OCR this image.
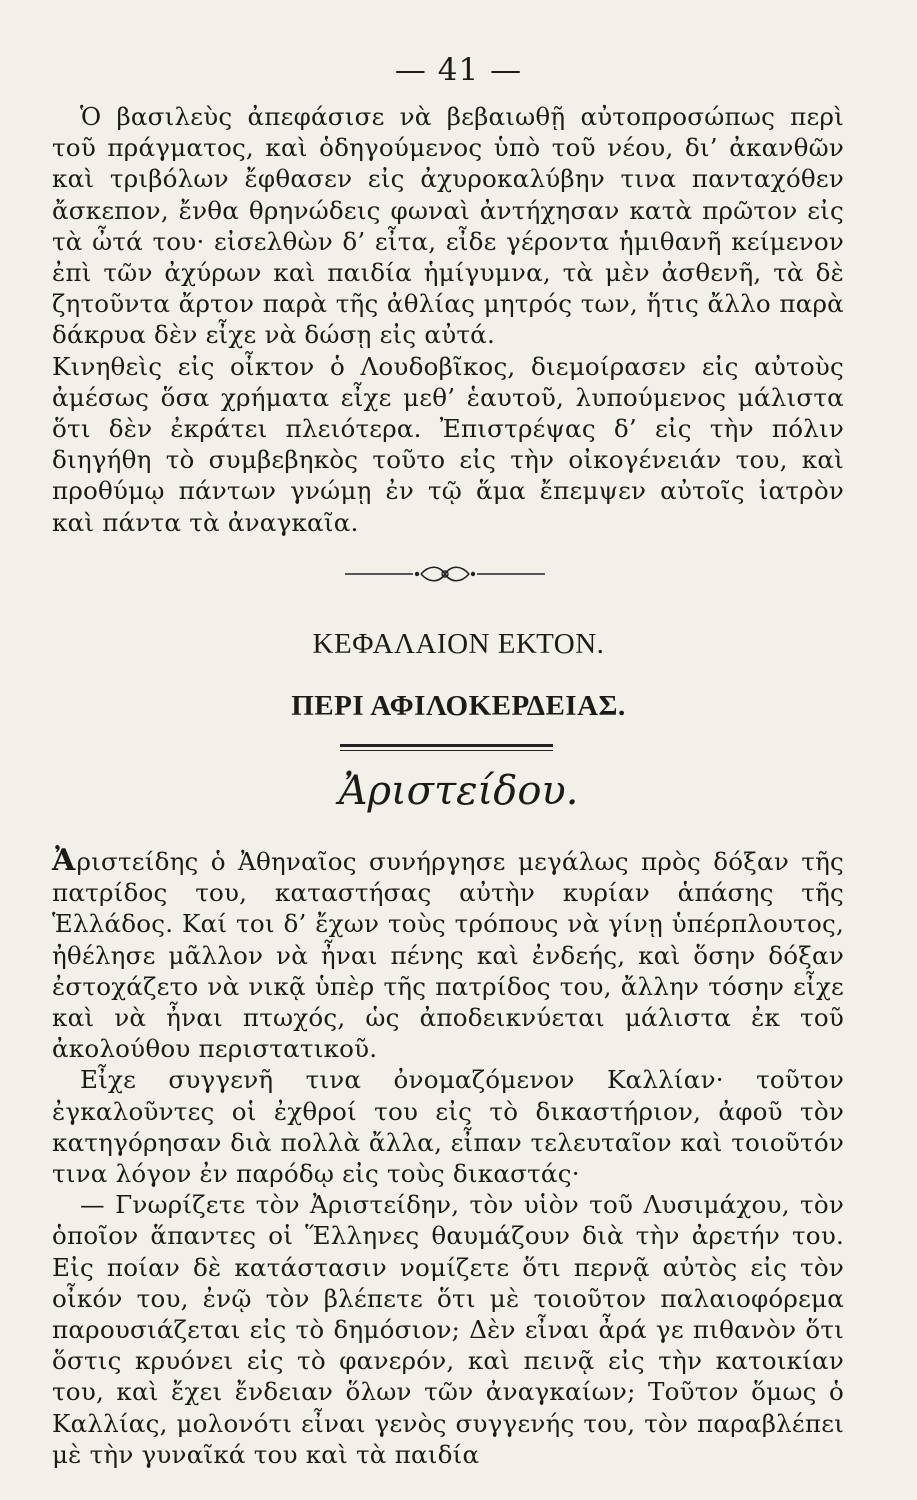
— 41 —

Ὁ βασιλεὺς ἀπεφάσισε νὰ βεβαιωθῇ αὐτοπροσώπως περὶ τοῦ πράγματος, καὶ ὁδηγούμενος ὑπὸ τοῦ νέου, δι’ ἀκανθῶν καὶ τριβόλων ἔφθασεν εἰς ἀχυροκαλύβην τινα πανταχόθεν ἄσκεπον, ἔνθα θρηνώδεις φωναὶ ἀντήχησαν κατὰ πρῶτον εἰς τὰ ὦτά του· εἰσελθὼν δ’ εἶτα, εἶδε γέροντα ἡμιθανῆ κείμενον ἐπὶ τῶν ἀχύρων καὶ παιδία ἡμίγυμνα, τὰ μὲν ἀσθενῆ, τὰ δὲ ζητοῦντα ἄρτον παρὰ τῆς ἀθλίας μητρός των, ἥτις ἄλλο παρὰ δάκρυα δὲν εἶχε νὰ δώσῃ εἰς αὐτά.

Κινηθεὶς εἰς οἶκτον ὁ Λουδοβῖκος, διεμοίρασεν εἰς αὐτοὺς ἀμέσως ὅσα χρήματα εἶχε μεθ’ ἑαυτοῦ, λυπούμενος μάλιστα ὅτι δὲν ἐκράτει πλειότερα. Ἐπιστρέψας δ’ εἰς τὴν πόλιν διηγήθη τὸ συμβεβηκὸς τοῦτο εἰς τὴν οἰκογένειάν του, καὶ προθύμῳ πάντων γνώμῃ ἐν τῷ ἅμα ἔπεμψεν αὐτοῖς ἰατρὸν καὶ πάντα τὰ ἀναγκαῖα.

ΚΕΦΑΛΑΙΟΝ ΕΚΤΟΝ.
ΠΕΡΙ ΑΦΙΛΟΚΕΡΔΕΙΑΣ.
Ἀριστείδου.

Ἀριστείδης ὁ Ἀθηναῖος συνήργησε μεγάλως πρὸς δόξαν τῆς πατρίδος του, καταστήσας αὐτὴν κυρίαν ἁπάσης τῆς Ἑλλάδος. Καί τοι δ’ ἔχων τοὺς τρόπους νὰ γίνῃ ὑπέρπλουτος, ἠθέλησε μᾶλλον νὰ ἦναι πένης καὶ ἐνδεής, καὶ ὅσην δόξαν ἐστοχάζετο νὰ νικᾷ ὑπὲρ τῆς πατρίδος του, ἄλλην τόσην εἶχε καὶ νὰ ἦναι πτωχός, ὡς ἀποδεικνύεται μάλιστα ἐκ τοῦ ἀκολούθου περιστατικοῦ.

Εἶχε συγγενῆ τινα ὀνομαζόμενον Καλλίαν· τοῦτον ἐγκαλοῦντες οἱ ἐχθροί του εἰς τὸ δικαστήριον, ἀφοῦ τὸν κατηγόρησαν διὰ πολλὰ ἄλλα, εἶπαν τελευταῖον καὶ τοιοῦτόν τινα λόγον ἐν παρόδῳ εἰς τοὺς δικαστάς·

— Γνωρίζετε τὸν Ἀριστείδην, τὸν υἱὸν τοῦ Λυσιμάχου, τὸν ὁποῖον ἅπαντες οἱ Ἕλληνες θαυμάζουν διὰ τὴν ἀρετήν του. Εἰς ποίαν δὲ κατάστασιν νομίζετε ὅτι περνᾷ αὐτὸς εἰς τὸν οἶκόν του, ἐνῷ τὸν βλέπετε ὅτι μὲ τοιοῦτον παλαιοφόρεμα παρουσιάζεται εἰς τὸ δημόσιον; Δὲν εἶναι ἆρά γε πιθανὸν ὅτι ὅστις κρυόνει εἰς τὸ φανερόν, καὶ πεινᾷ εἰς τὴν κατοικίαν του, καὶ ἔχει ἔνδειαν ὅλων τῶν ἀναγκαίων; Τοῦτον ὅμως ὁ Καλλίας, μολονότι εἶναι γενὸς συγγενής του, τὸν παραβλέπει μὲ τὴν γυναῖκά του καὶ τὰ παιδία
